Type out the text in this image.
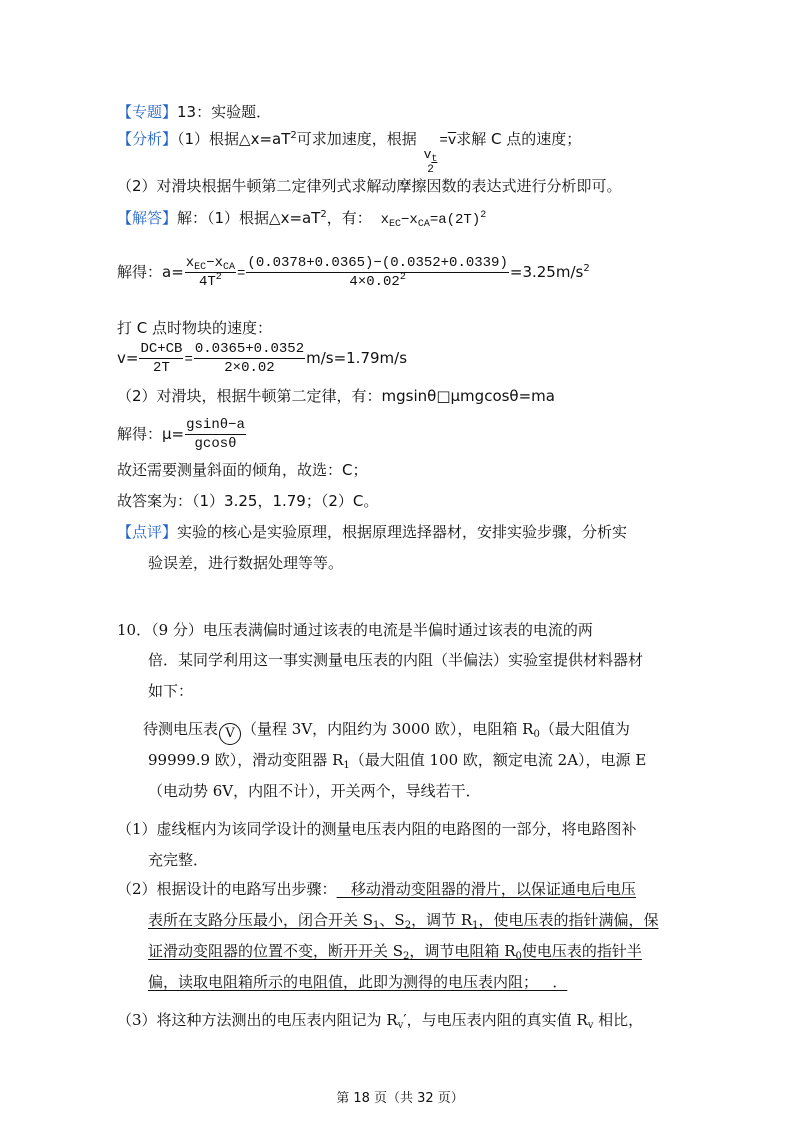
【专题】13：实验题．
【分析】（1）根据$\triangle x=aT^2$可求加速度，根据
$v_t$
2
$=\overline{v}$求解 C 点的速度；
（2）对滑块根据牛顿第二定律列式求解动摩擦因数的表达式进行分析即可。
【解答】解：（1）根据$\triangle x=aT^2$，有： $x_{EC}-x_{CA}=a(2T)^2$
解得：$a= \frac{x_{EC}-x_{CA}}{4T^2} = \frac{(0.0378+0.0365)-(0.0352+0.0339)}{4\times 0.02^2} =3.25m/s^2$
打 C 点时物块的速度：
$v= \frac{DC+CB}{2T} = \frac{0.0365+0.0352}{2\times 0.02} m/s=1.79m/s$
（2）对滑块，根据牛顿第二定律，有：mgsinθ□μmgcosθ=ma
解得：$\mu= \frac{gsin\theta-a}{gcos\theta}$
故还需要测量斜面的倾角，故选：C；
故答案为：（1）3.25，1.79；（2）C。
【点评】实验的核心是实验原理，根据原理选择器材，安排实验步骤，分析实
验误差，进行数据处理等等。
10．（9 分）电压表满偏时通过该表的电流是半偏时通过该表的电流的两
倍．某同学利用这一事实测量电压表的内阻（半偏法）实验室提供材料器材
如下：
待测电压表 V （量程 3V，内阻约为 3000 欧），电阻箱 $R_0$（最大阻值为
99999.9 欧），滑动变阻器 $R_1$（最大阻值 100 欧，额定电流 2A），电源 E
（电动势 6V，内阻不计），开关两个，导线若干．
（1）虚线框内为该同学设计的测量电压表内阻的电路图的一部分，将电路图补
充完整．
（2）根据设计的电路写出步骤：   移动滑动变阻器的滑片，以保证通电后电压
表所在支路分压最小，闭合开关 $S_1$、$S_2$，调节 $R_1$，使电压表的指针满偏，保
证滑动变阻器的位置不变，断开开关 $S_2$，调节电阻箱 $R_0$使电压表的指针半
偏，读取电阻箱所示的电阻值，此即为测得的电压表内阻；   ．
（3）将这种方法测出的电压表内阻记为 $R_v'$，与电压表内阻的真实值 $R_v$ 相比，
第 18 页（共 32 页）
